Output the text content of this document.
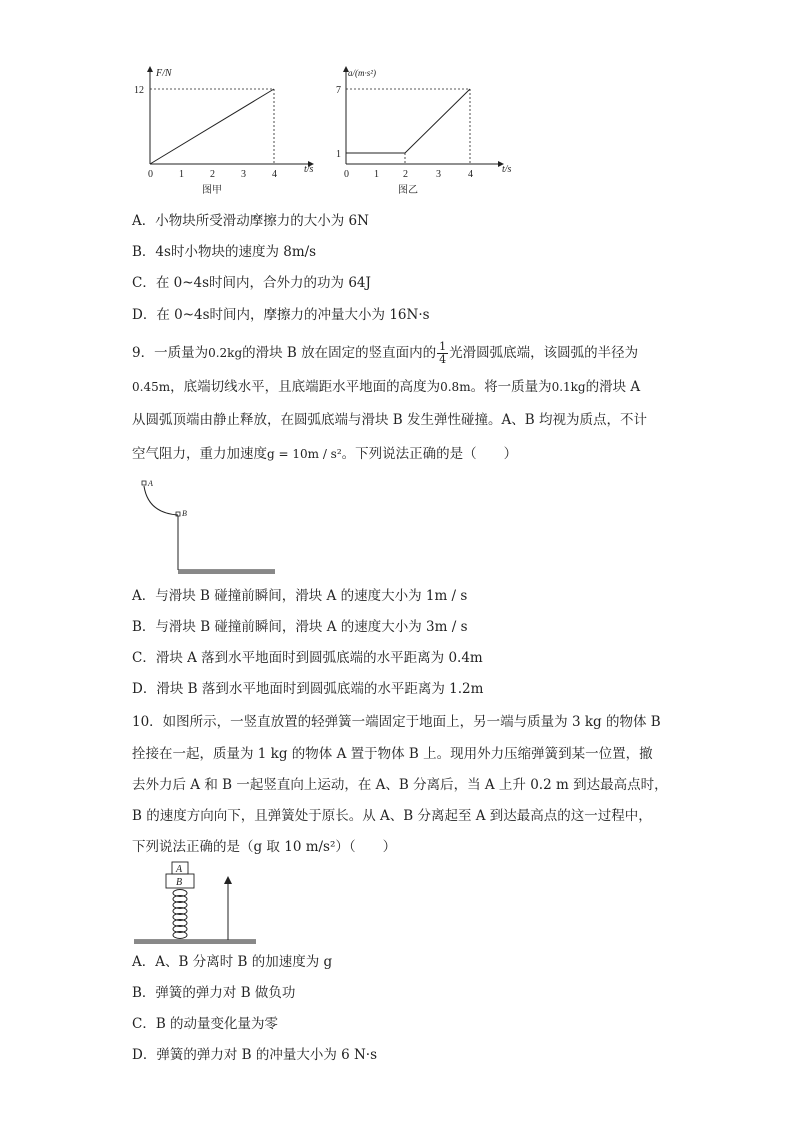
F/N
t/s
12
0	1	2	3	4
图甲
a/(m·s²)
t/s
7
1
0	1 2	3	4
图乙
A．小物块所受滑动摩擦力的大小为 6N
B．4s时小物块的速度为 8m/s
C．在 0~4s时间内，合外力的功为 64J
D．在 0~4s时间内，摩擦力的冲量大小为 16N·s
9．一质量为0.2kg的滑块 B 放在固定的竖直面内的 $\frac{1}{4}$ 光滑圆弧底端，该圆弧的半径为
0.45m，底端切线水平，且底端距水平地面的高度为0.8m。将一质量为0.1kg的滑块 A
从圆弧顶端由静止释放，在圆弧底端与滑块 B 发生弹性碰撞。A、B 均视为质点，不计
空气阻力，重力加速度g = 10m / s²。下列说法正确的是（　　）
A
B
A．与滑块 B 碰撞前瞬间，滑块 A 的速度大小为 1m / s
B．与滑块 B 碰撞前瞬间，滑块 A 的速度大小为 3m / s
C．滑块 A 落到水平地面时到圆弧底端的水平距离为 0.4m
D．滑块 B 落到水平地面时到圆弧底端的水平距离为 1.2m
10．如图所示，一竖直放置的轻弹簧一端固定于地面上，另一端与质量为 3 kg 的物体 B
拴接在一起，质量为 1 kg 的物体 A 置于物体 B 上。现用外力压缩弹簧到某一位置，撤
去外力后 A 和 B 一起竖直向上运动，在 A、B 分离后，当 A 上升 0.2 m 到达最高点时，
B 的速度方向向下，且弹簧处于原长。从 A、B 分离起至 A 到达最高点的这一过程中，
下列说法正确的是（g 取 10 m/s²）（　　）
A
B
A．A、B 分离时 B 的加速度为 g
B．弹簧的弹力对 B 做负功
C．B 的动量变化量为零
D．弹簧的弹力对 B 的冲量大小为 6 N·s
